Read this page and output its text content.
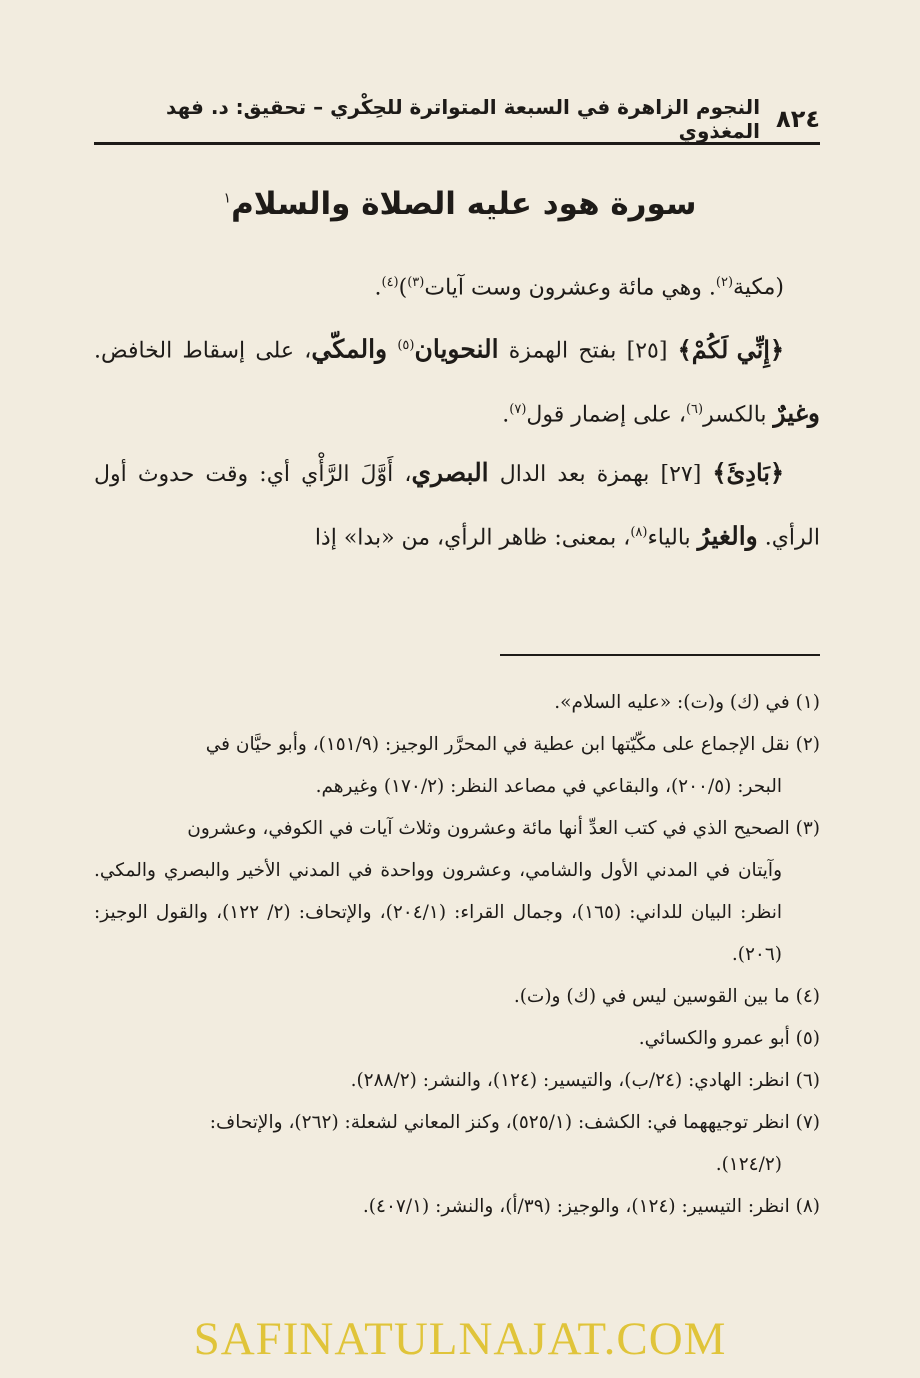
٨٢٤
النجوم الزاهرة في السبعة المتواترة للحِكْري – تحقيق: د. فهد المغذوي
سورة هود عليه الصلاة والسلام$^١$

(مكية$^{(٢)}$. وهي مائة وعشرون وست آيات$^{(٣)}$)$^{(٤)}$.

﴿إِنِّي لَكُمْ﴾ [٢٥] بفتح الهمزة النحويان$^{(٥)}$ والمكّي، على إسقاط الخافض. وغيرٌ بالكسر$^{(٦)}$، على إضمار قول$^{(٧)}$.

﴿بَادِئَ﴾ [٢٧] بهمزة بعد الدال البصري، أَوَّلَ الرَّأْي أي: وقت حدوث أول الرأي. والغيرُ بالياء$^{(٨)}$، بمعنى: ظاهر الرأي، من «بدا» إذا

(١) في (ك) و(ت): «عليه السلام».

(٢) نقل الإجماع على مكّيّتها ابن عطية في المحرَّر الوجيز: (١٥١/٩)، وأبو حيَّان في

البحر: (٢٠٠/٥)، والبقاعي في مصاعد النظر: (١٧٠/٢) وغيرهم.

(٣) الصحيح الذي في كتب العدِّ أنها مائة وعشرون وثلاث آيات في الكوفي، وعشرون

وآيتان في المدني الأول والشامي، وعشرون وواحدة في المدني الأخير والبصري والمكي. انظر: البيان للداني: (١٦٥)، وجمال القراء: (٢٠٤/١)، والإتحاف: (٢/ ١٢٢)، والقول الوجيز: (٢٠٦).

(٤) ما بين القوسين ليس في (ك) و(ت).

(٥) أبو عمرو والكسائي.

(٦) انظر: الهادي: (٢٤/ب)، والتيسير: (١٢٤)، والنشر: (٢٨٨/٢).

(٧) انظر توجيههما في: الكشف: (٥٢٥/١)، وكنز المعاني لشعلة: (٢٦٢)، والإتحاف:

(١٢٤/٢).

(٨) انظر: التيسير: (١٢٤)، والوجيز: (٣٩/أ)، والنشر: (٤٠٧/١).

SAFINATULNAJAT.COM
